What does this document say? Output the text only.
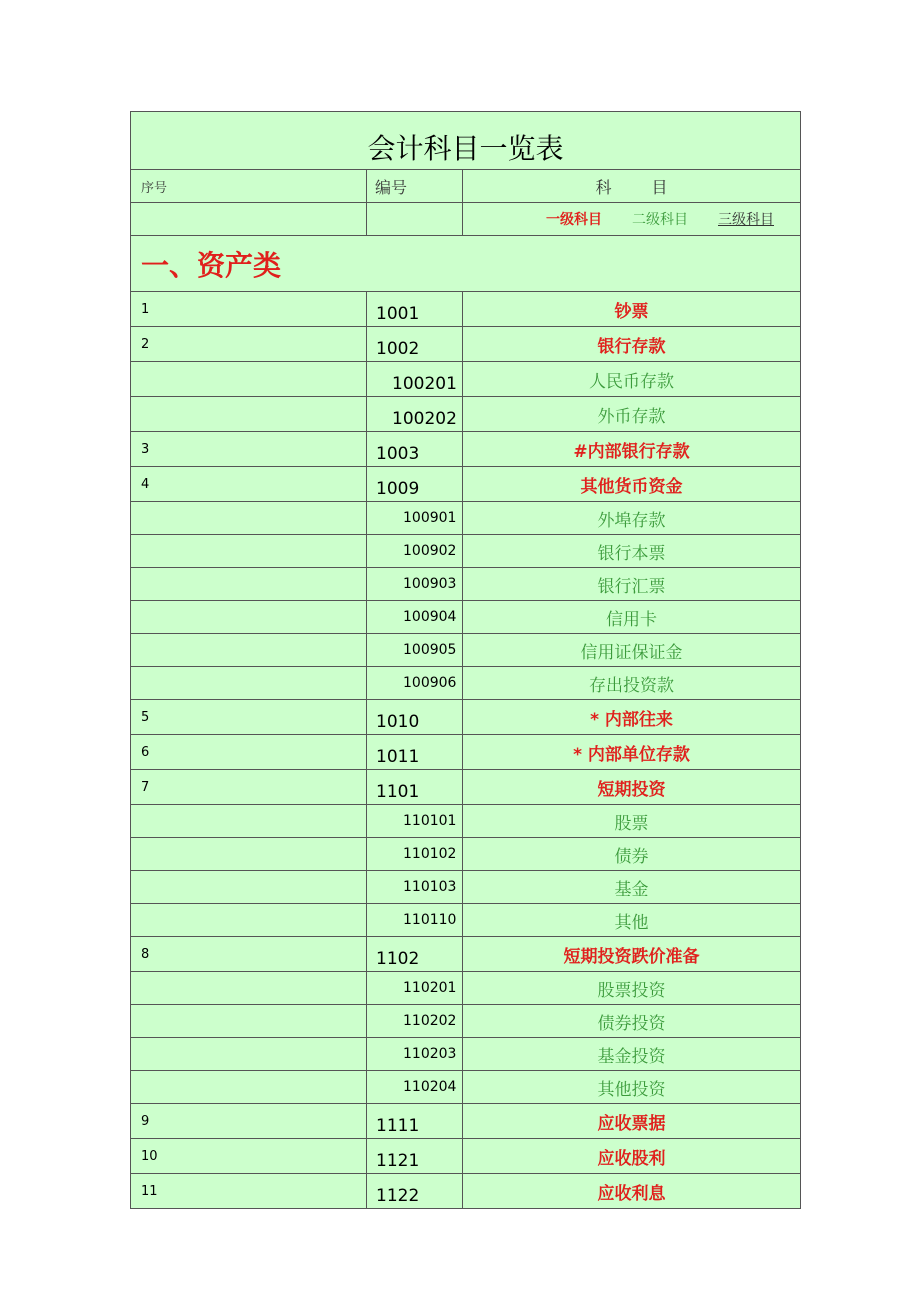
会计科目一览表		
序号	编号	科 目
		一级科目 二级科目 三级科目
一、资产类		
1	1001	钞票
2	1002	银行存款
	100201	人民币存款
	100202	外币存款
3	1003	#内部银行存款
4	1009	其他货币资金
	100901	外埠存款
	100902	银行本票
	100903	银行汇票
	100904	信用卡
	100905	信用证保证金
	100906	存出投资款
5	1010	* 内部往来
6	1011	* 内部单位存款
7	1101	短期投资
	110101	股票
	110102	债券
	110103	基金
	110110	其他
8	1102	短期投资跌价准备
	110201	股票投资
	110202	债券投资
	110203	基金投资
	110204	其他投资
9	1111	应收票据
10	1121	应收股利
11	1122	应收利息
